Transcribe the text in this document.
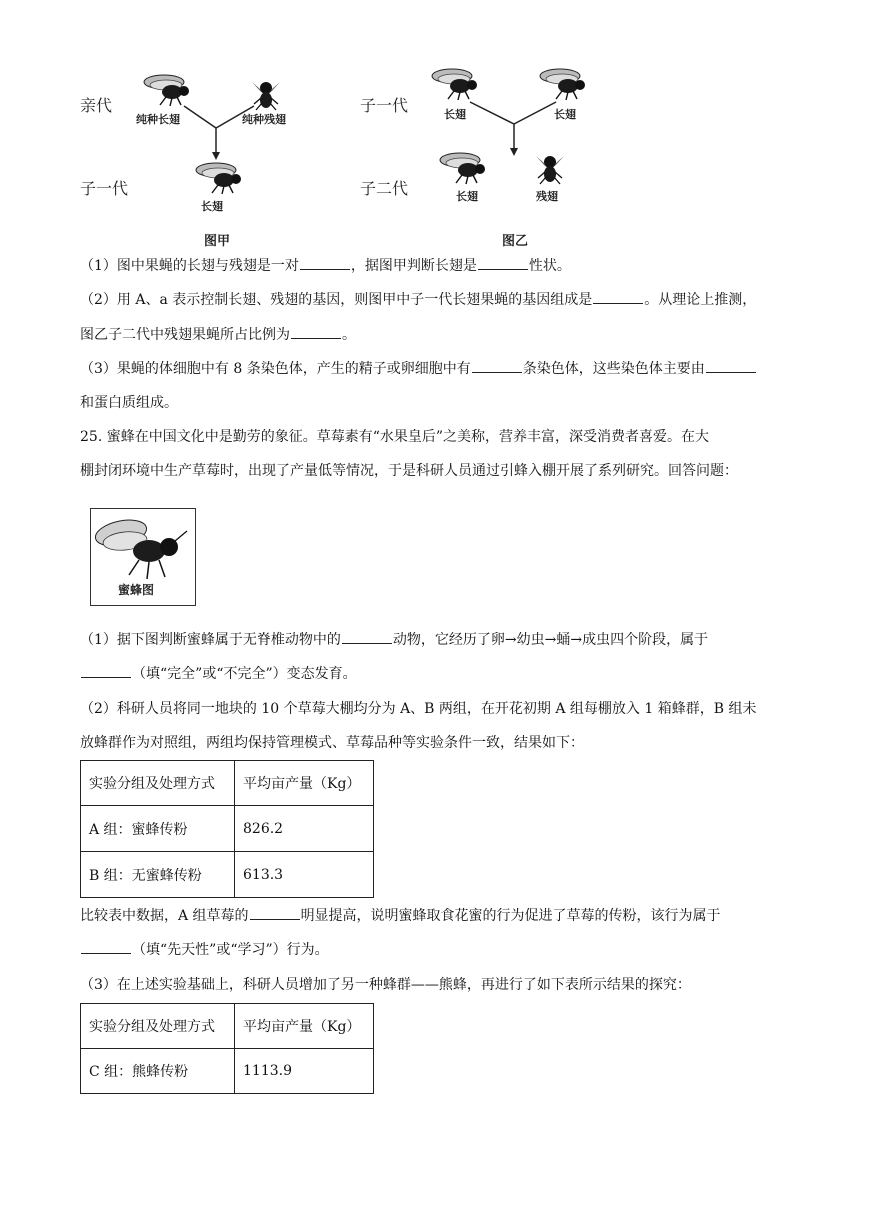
亲代
子一代
纯种长翅	纯种残翅
长翅
图甲
子一代
子二代
长翅	长翅
长翅	残翅
图乙
（1）图中果蝇的长翅与残翅是一对	，据图甲判断长翅是	性状。
（2）用 A、a 表示控制长翅、残翅的基因，则图甲中子一代长翅果蝇的基因组成是	。从理论上推测，
图乙子二代中残翅果蝇所占比例为	。
（3）果蝇的体细胞中有 8 条染色体，产生的精子或卵细胞中有	条染色体，这些染色体主要由
和蛋白质组成。
25. 蜜蜂在中国文化中是勤劳的象征。草莓素有“水果皇后”之美称，营养丰富，深受消费者喜爱。在大
棚封闭环境中生产草莓时，出现了产量低等情况，于是科研人员通过引蜂入棚开展了系列研究。回答问题：
蜜蜂图
（1）据下图判断蜜蜂属于无脊椎动物中的	动物，它经历了卵→幼虫→蛹→成虫四个阶段，属于
（填“完全”或“不完全”）变态发育。
（2）科研人员将同一地块的 10 个草莓大棚均分为 A、B 两组，在开花初期 A 组每棚放入 1 箱蜂群，B 组未
放蜂群作为对照组，两组均保持管理模式、草莓品种等实验条件一致，结果如下：
实验分组及处理方式	平均亩产量（Kg）
A 组：蜜蜂传粉	826.2
B 组：无蜜蜂传粉	613.3
比较表中数据，A 组草莓的	明显提高，说明蜜蜂取食花蜜的行为促进了草莓的传粉，该行为属于
（填“先天性”或“学习”）行为。
（3）在上述实验基础上，科研人员增加了另一种蜂群——熊蜂，再进行了如下表所示结果的探究：
实验分组及处理方式	平均亩产量（Kg）
C 组：熊蜂传粉	1113.9
